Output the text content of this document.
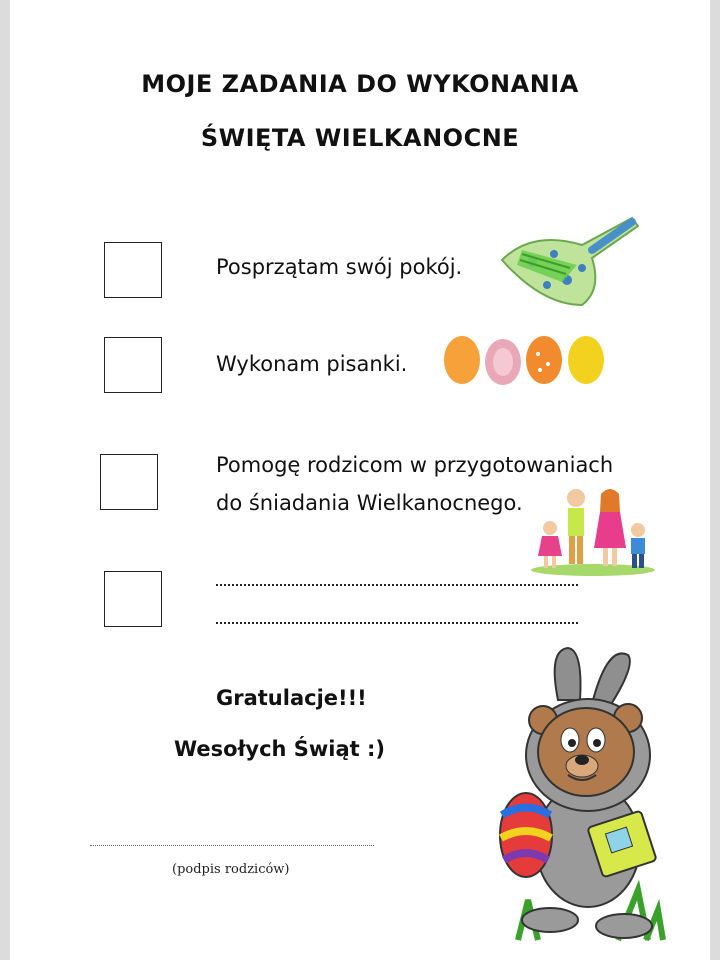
MOJE ZADANIA DO WYKONANIA
ŚWIĘTA WIELKANOCNE
Posprzątam swój pokój.
Wykonam pisanki.
Pomogę rodzicom w przygotowaniach
do śniadania Wielkanocnego.
Gratulacje!!!
Wesołych Świąt :)
(podpis rodziców)
